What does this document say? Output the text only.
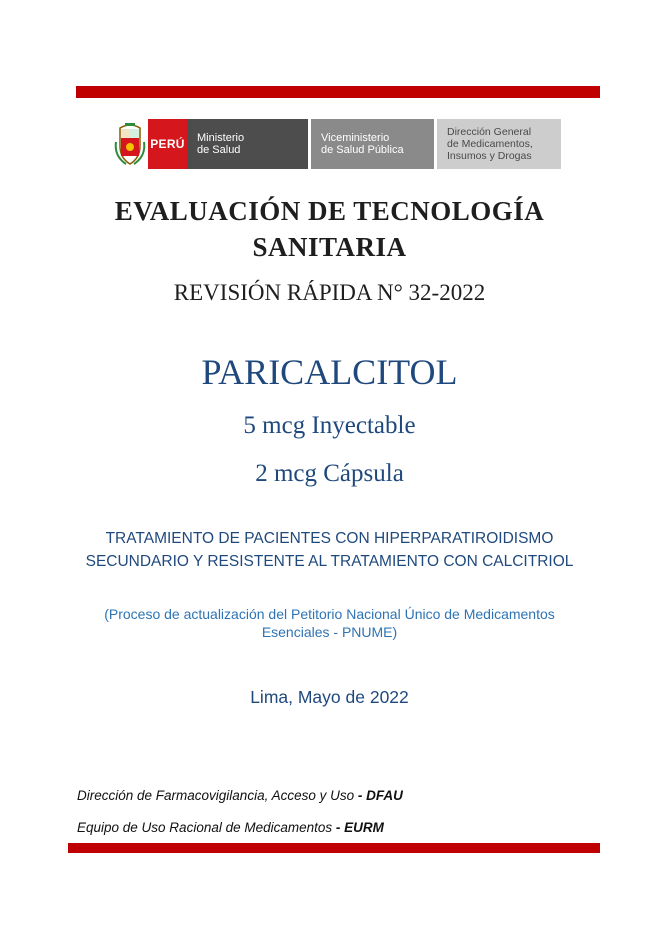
PERÚ Ministerio
de Salud
Viceministerio
de Salud Pública
Dirección General
de Medicamentos,
Insumos y Drogas
EVALUACIÓN DE TECNOLOGÍA
SANITARIA
REVISIÓN RÁPIDA N° 32-2022
PARICALCITOL
5 mcg Inyectable
2 mcg Cápsula
TRATAMIENTO DE PACIENTES CON HIPERPARATIROIDISMO
SECUNDARIO Y RESISTENTE AL TRATAMIENTO CON CALCITRIOL
(Proceso de actualización del Petitorio Nacional Único de Medicamentos
Esenciales - PNUME)
Lima, Mayo de 2022
Dirección de Farmacovigilancia, Acceso y Uso - DFAU
Equipo de Uso Racional de Medicamentos - EURM
